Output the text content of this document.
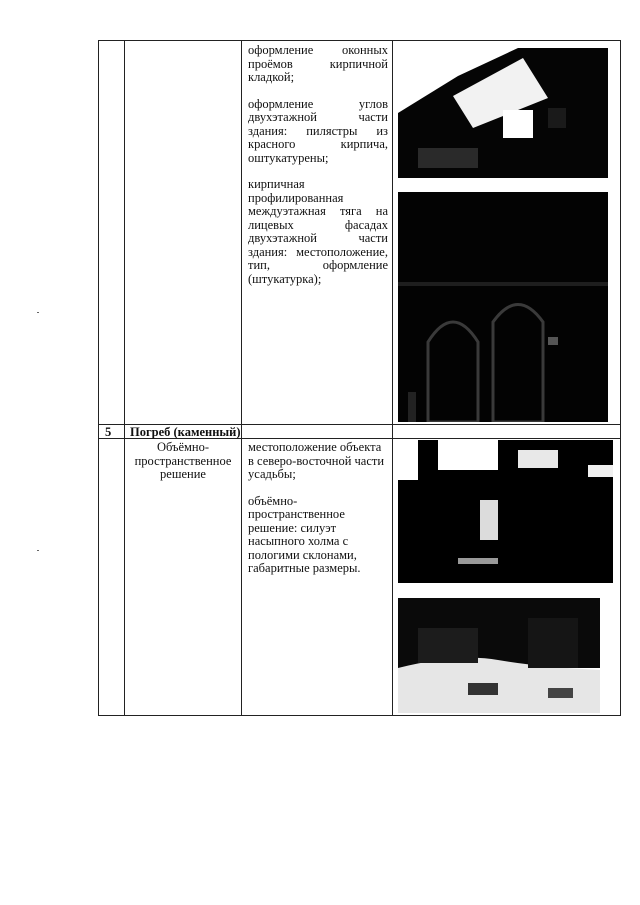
оформление оконных проёмов кирпичной кладкой;

оформление углов двухэтажной части здания: пилястры из красного кирпича, оштукатурены;

кирпичная профилированная междуэтажная тяга на лицевых фасадах двухэтажной части здания: местоположение, тип, оформление (штукатурка);

5 Погреб (каменный)
Объёмно-пространственное решение

местоположение объекта в северо-восточной части усадьбы;

объёмно-пространственное решение: силуэт насыпного холма с пологими склонами, габаритные размеры.
